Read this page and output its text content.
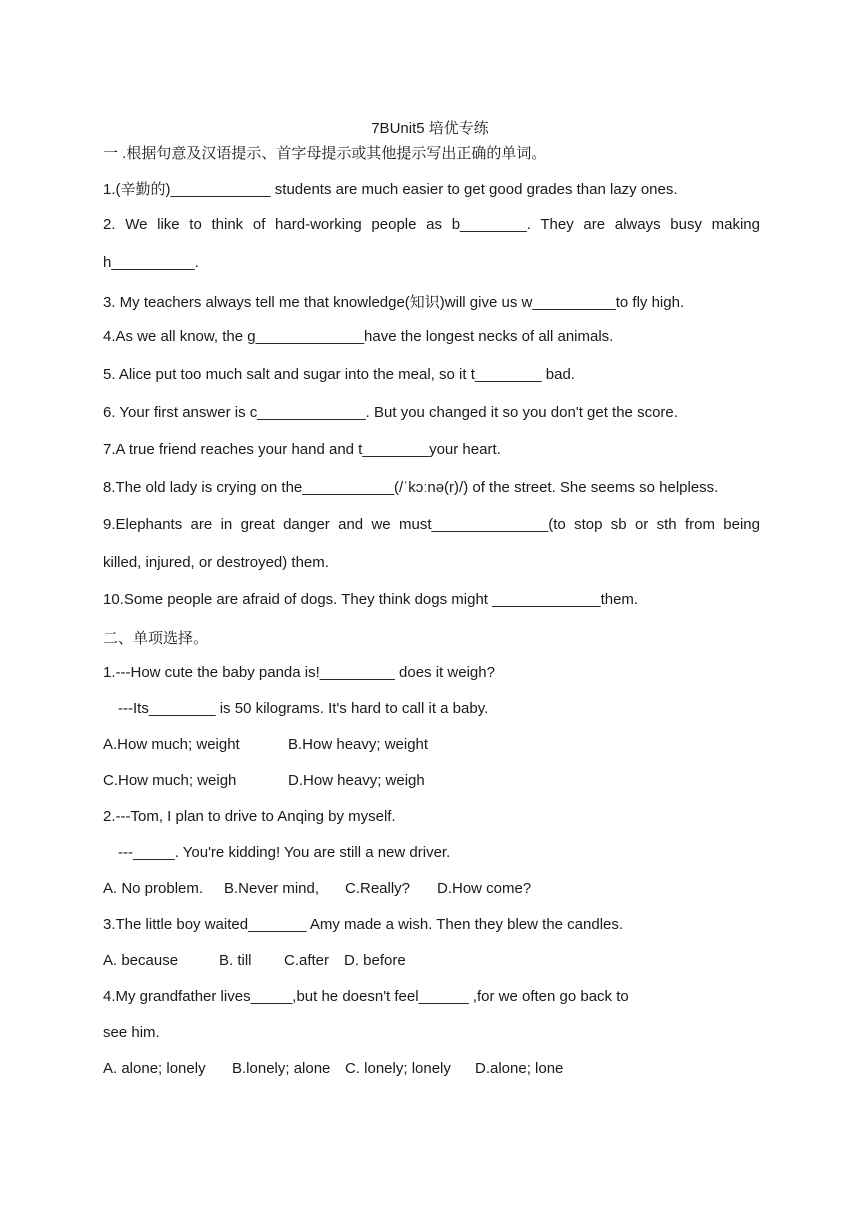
7BUnit5 培优专练
一 .根据句意及汉语提示、首字母提示或其他提示写出正确的单词。
1.(辛勤的)____________ students are much easier to get good grades than lazy ones.
2. We like to think of hard-working people as b________. They are always busy making
h__________.
3. My teachers always tell me that knowledge(知识)will give us w__________to fly high.
4.As we all know, the g_____________have the longest necks of all animals.
5. Alice put too much salt and sugar into the meal, so it t________ bad.
6. Your first answer is c_____________. But you changed it so you don't get the score.
7.A true friend reaches your hand and t________your heart.
8.The old lady is crying on the___________(/ˈkɔːnə(r)/) of the street. She seems so helpless.
9.Elephants are in great danger and we must______________(to stop sb or sth from being
killed, injured, or destroyed) them.
10.Some people are afraid of dogs. They think dogs might _____________them.
二、单项选择。
1.---How cute the baby panda is!_________ does it weigh?
---Its________ is 50 kilograms. It's hard to call it a baby.
A.How much; weight	B.How heavy; weight
C.How much; weigh	D.How heavy; weigh
2.---Tom, I plan to drive to Anqing by myself.
---_____. You're kidding! You are still a new driver.
A. No problem. B.Never mind, C.Really? D.How come?
3.The little boy waited_______ Amy made a wish. Then they blew the candles.
A. because	B. till C.after D. before
4.My grandfather lives_____,but he doesn't feel______ ,for we often go back to
see him.
A. alone; lonely B.lonely; alone C. lonely; lonely D.alone; lone
